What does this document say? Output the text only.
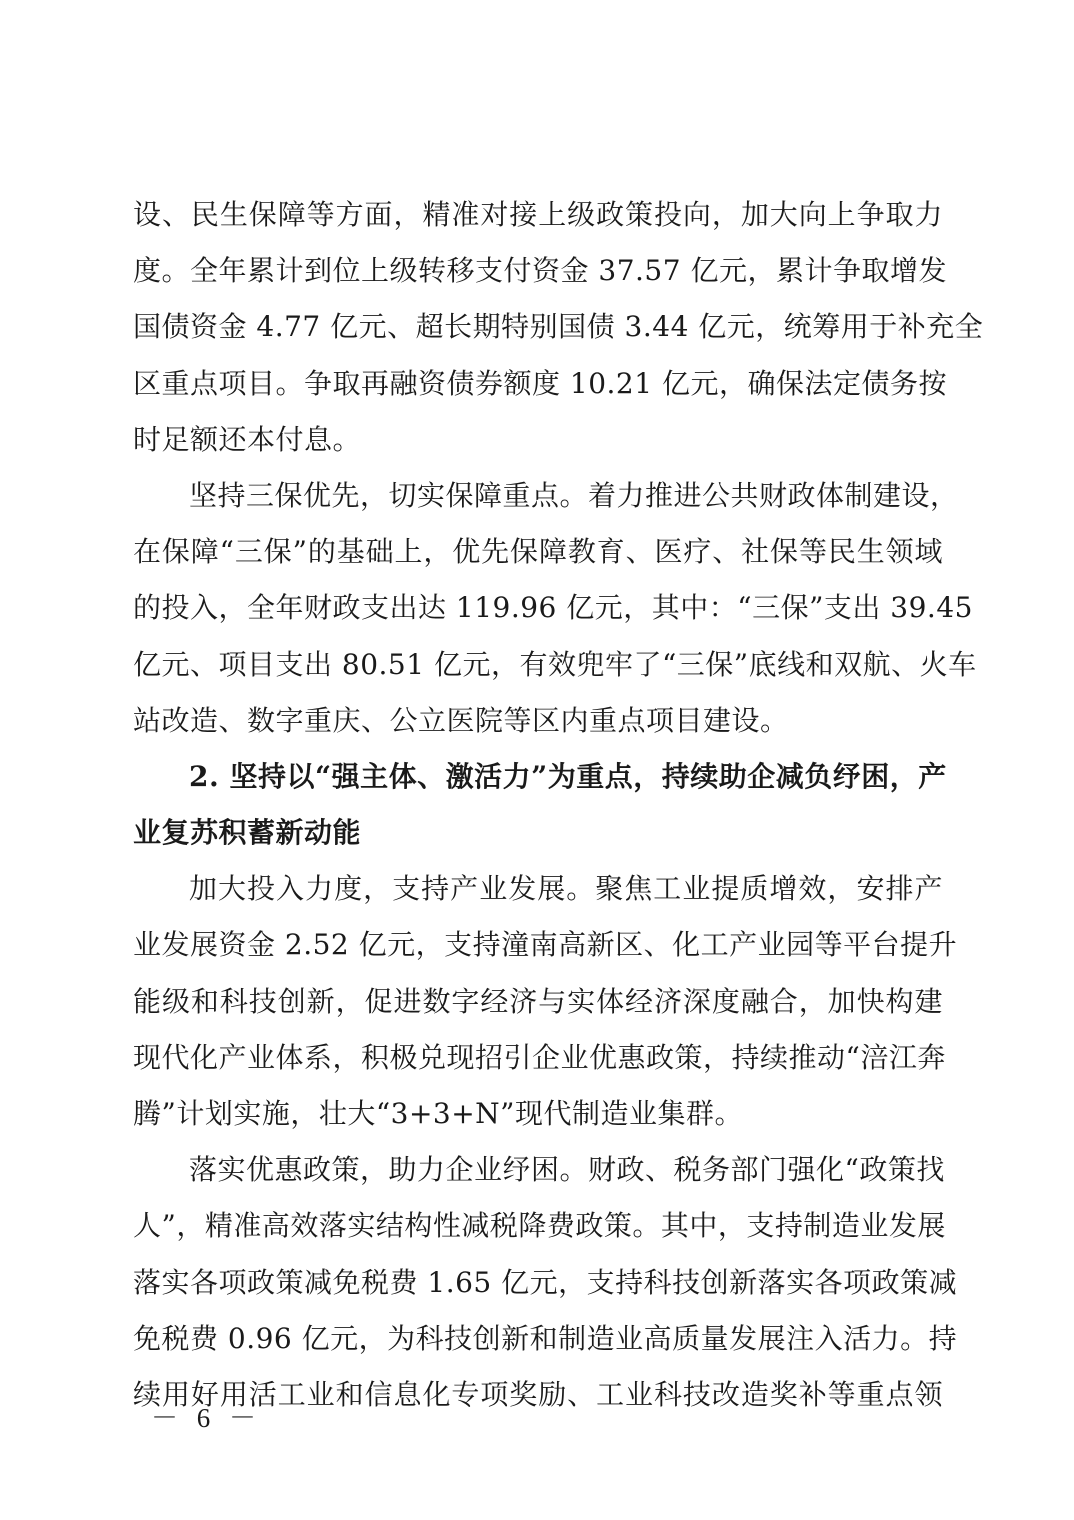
设、民生保障等方面，精准对接上级政策投向，加大向上争取力
度。全年累计到位上级转移支付资金 37.57 亿元，累计争取增发
国债资金 4.77 亿元、超长期特别国债 3.44 亿元，统筹用于补充全
区重点项目。争取再融资债券额度 10.21 亿元，确保法定债务按
时足额还本付息。
坚持三保优先，切实保障重点。着力推进公共财政体制建设，
在保障“三保”的基础上，优先保障教育、医疗、社保等民生领域
的投入，全年财政支出达 119.96 亿元，其中：“三保”支出 39.45
亿元、项目支出 80.51 亿元，有效兜牢了“三保”底线和双航、火车
站改造、数字重庆、公立医院等区内重点项目建设。
2. 坚持以“强主体、激活力”为重点，持续助企减负纾困，产
业复苏积蓄新动能
加大投入力度，支持产业发展。聚焦工业提质增效，安排产
业发展资金 2.52 亿元，支持潼南高新区、化工产业园等平台提升
能级和科技创新，促进数字经济与实体经济深度融合，加快构建
现代化产业体系，积极兑现招引企业优惠政策，持续推动“涪江奔
腾”计划实施，壮大“3+3+N”现代制造业集群。
落实优惠政策，助力企业纾困。财政、税务部门强化“政策找
人”，精准高效落实结构性减税降费政策。其中，支持制造业发展
落实各项政策减免税费 1.65 亿元，支持科技创新落实各项政策减
免税费 0.96 亿元，为科技创新和制造业高质量发展注入活力。持
续用好用活工业和信息化专项奖励、工业科技改造奖补等重点领
－ 6 －
